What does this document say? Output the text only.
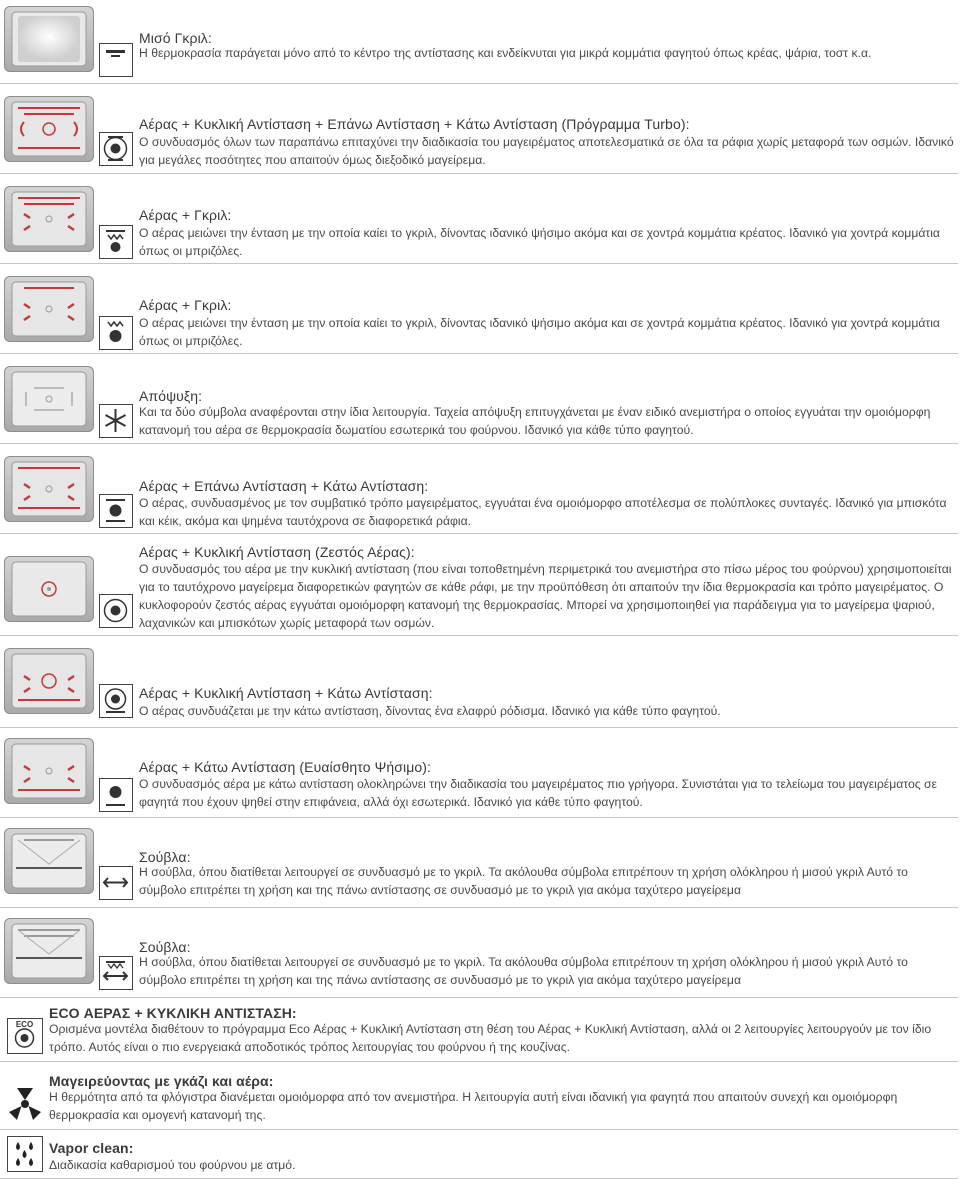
Μισό Γκριλ:
Η θερμοκρασία παράγεται μόνο από το κέντρο της αντίστασης και ενδείκνυται για μικρά κομμάτια φαγητού όπως κρέας, ψάρια, τοστ κ.α.
Αέρας + Κυκλική Αντίσταση + Επάνω Αντίσταση + Κάτω Αντίσταση (Πρόγραμμα Turbo):
Ο συνδυασμός όλων των παραπάνω επιταχύνει την διαδικασία του μαγειρέματος αποτελεσματικά σε όλα τα ράφια χωρίς μεταφορά των οσμών. Ιδανικό για μεγάλες ποσότητες που απαιτούν όμως διεξοδικό μαγείρεμα.
Αέρας + Γκριλ:
Ο αέρας μειώνει την ένταση με την οποία καίει το γκριλ, δίνοντας ιδανικό ψήσιμο ακόμα και σε χοντρά κομμάτια κρέατος. Ιδανικό για χοντρά κομμάτια όπως οι μπριζόλες.
Αέρας + Γκριλ:
Ο αέρας μειώνει την ένταση με την οποία καίει το γκριλ, δίνοντας ιδανικό ψήσιμο ακόμα και σε χοντρά κομμάτια κρέατος. Ιδανικό για χοντρά κομμάτια όπως οι μπριζόλες.
Απόψυξη:
Και τα δύο σύμβολα αναφέρονται στην ίδια λειτουργία. Ταχεία απόψυξη επιτυγχάνεται με έναν ειδικό ανεμιστήρα ο οποίος εγγυάται την ομοιόμορφη κατανομή του αέρα σε θερμοκρασία δωματίου εσωτερικά του φούρνου. Ιδανικό για κάθε τύπο φαγητού.
Αέρας + Επάνω Αντίσταση + Κάτω Αντίσταση:
Ο αέρας, συνδυασμένος με τον συμβατικό τρόπο μαγειρέματος, εγγυάται ένα ομοιόμορφο αποτέλεσμα σε πολύπλοκες συνταγές. Ιδανικό για μπισκότα και κέικ, ακόμα και ψημένα ταυτόχρονα σε διαφορετικά ράφια.
Αέρας + Κυκλική Αντίσταση (Ζεστός Αέρας):
Ο συνδυασμός του αέρα με την κυκλική αντίσταση (που είναι τοποθετημένη περιμετρικά του ανεμιστήρα στο πίσω μέρος του φούρνου) χρησιμοποιείται για το ταυτόχρονο μαγείρεμα διαφορετικών φαγητών σε κάθε ράφι, με την προϋπόθεση ότι απαιτούν την ίδια θερμοκρασία και τρόπο μαγειρέματος. Ο κυκλοφορούν ζεστός αέρας εγγυάται ομοιόμορφη κατανομή της θερμοκρασίας. Μπορεί να χρησιμοποιηθεί για παράδειγμα για το μαγείρεμα ψαριού, λαχανικών και μπισκότων χωρίς μεταφορά των οσμών.
Αέρας + Κυκλική Αντίσταση + Κάτω Αντίσταση:
Ο αέρας συνδυάζεται με την κάτω αντίσταση, δίνοντας ένα ελαφρύ ρόδισμα. Ιδανικό για κάθε τύπο φαγητού.
Αέρας + Κάτω Αντίσταση (Ευαίσθητο Ψήσιμο):
Ο συνδυασμός αέρα με κάτω αντίσταση ολοκληρώνει την διαδικασία του μαγειρέματος πιο γρήγορα. Συνιστάται για το τελείωμα του μαγειρέματος σε φαγητά που έχουν ψηθεί στην επιφάνεια, αλλά όχι εσωτερικά. Ιδανικό για κάθε τύπο φαγητού.
Σούβλα:
Η σούβλα, όπου διατίθεται λειτουργεί σε συνδυασμό με το γκριλ. Τα ακόλουθα σύμβολα επιτρέπουν τη χρήση ολόκληρου ή μισού γκριλ Αυτό το σύμβολο επιτρέπει τη χρήση και της πάνω αντίστασης σε συνδυασμό με το γκριλ για ακόμα ταχύτερο μαγείρεμα
Σούβλα:
Η σούβλα, όπου διατίθεται λειτουργεί σε συνδυασμό με το γκριλ. Τα ακόλουθα σύμβολα επιτρέπουν τη χρήση ολόκληρου ή μισού γκριλ Αυτό το σύμβολο επιτρέπει τη χρήση και της πάνω αντίστασης σε συνδυασμό με το γκριλ για ακόμα ταχύτερο μαγείρεμα
ECO
ECO ΑΕΡΑΣ + ΚΥΚΛΙΚΗ ΑΝΤΙΣΤΑΣΗ:
Ορισμένα μοντέλα διαθέτουν το πρόγραμμα Eco Αέρας + Κυκλική Αντίσταση στη θέση του Αέρας + Κυκλική Αντίσταση, αλλά οι 2 λειτουργίες λειτουργούν με τον ίδιο τρόπο. Αυτός είναι ο πιο ενεργειακά αποδοτικός τρόπος λειτουργίας του φούρνου ή της κουζίνας.
Μαγειρεύοντας με γκάζι και αέρα:
Η θερμότητα από τα φλόγιστρα διανέμεται ομοιόμορφα από τον ανεμιστήρα. Η λειτουργία αυτή είναι ιδανική για φαγητά που απαιτούν συνεχή και ομοιόμορφη θερμοκρασία και ομογενή κατανομή της.
Vapor clean:
Διαδικασία καθαρισμού του φούρνου με ατμό.
